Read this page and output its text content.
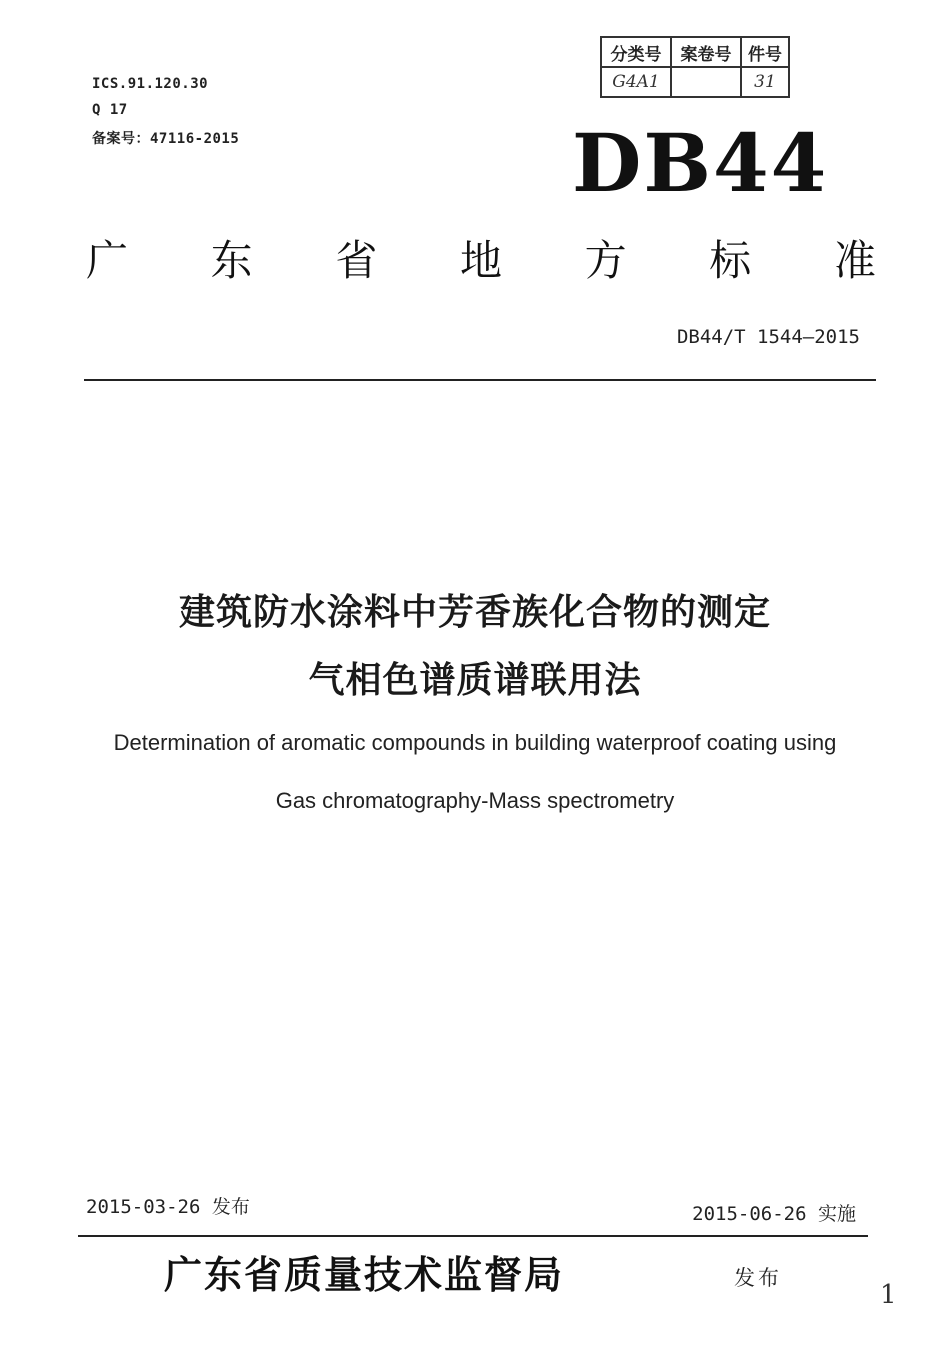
ICS.91.120.30
Q 17
备案号：47116-2015
分类号	案卷号	件号
G4A1		31
DB44
广 东 省 地 方 标 准
DB44/T 1544—2015
建筑防水涂料中芳香族化合物的测定
气相色谱质谱联用法
Determination of aromatic compounds in building waterproof coating using
Gas chromatography-Mass spectrometry
2015-03-26 发布	2015-06-26 实施
广东省质量技术监督局	发布
1
